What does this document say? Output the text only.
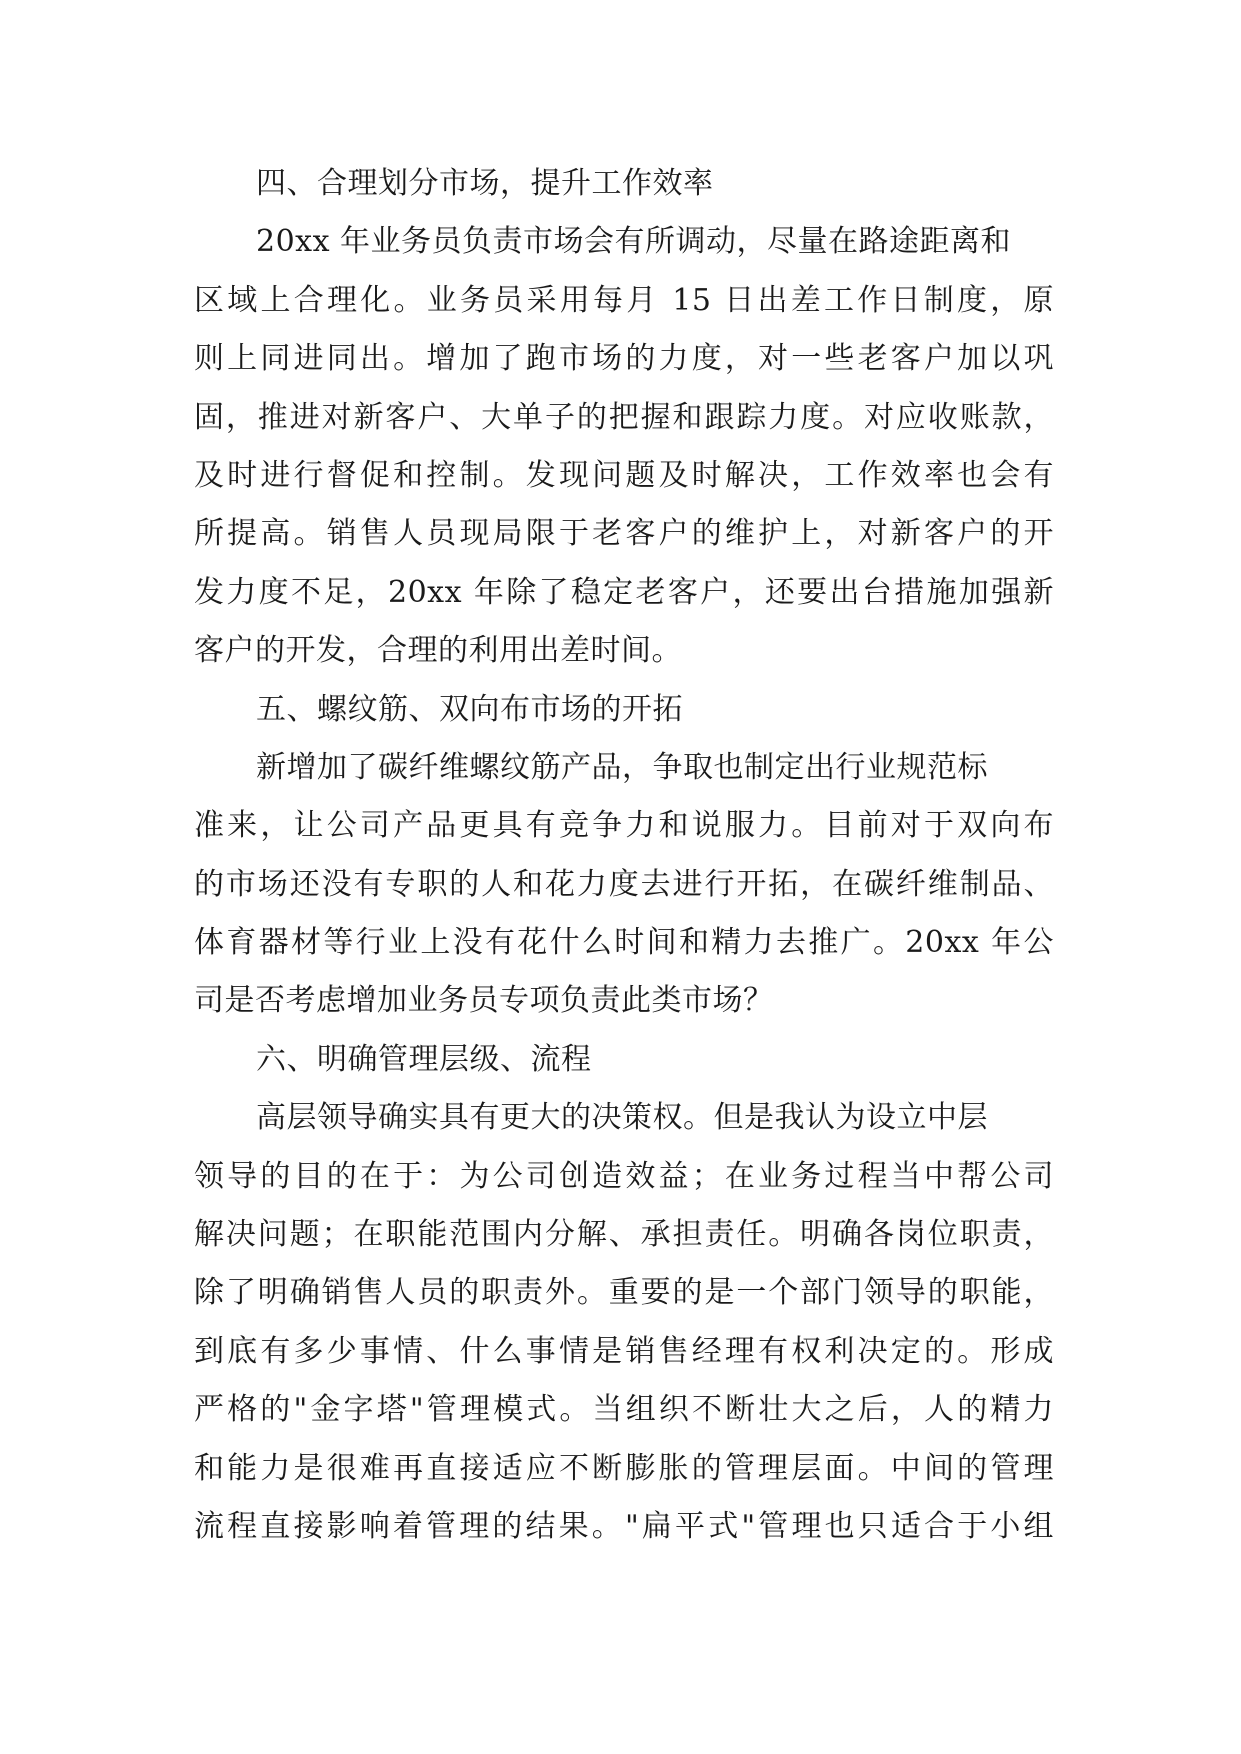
四、合理划分市场，提升工作效率
20xx 年业务员负责市场会有所调动，尽量在路途距离和
区域上合理化。业务员采用每月 15 日出差工作日制度，原
则上同进同出。增加了跑市场的力度，对一些老客户加以巩
固，推进对新客户、大单子的把握和跟踪力度。对应收账款，
及时进行督促和控制。发现问题及时解决，工作效率也会有
所提高。销售人员现局限于老客户的维护上，对新客户的开
发力度不足，20xx 年除了稳定老客户，还要出台措施加强新
客户的开发，合理的利用出差时间。
五、螺纹筋、双向布市场的开拓
新增加了碳纤维螺纹筋产品，争取也制定出行业规范标
准来，让公司产品更具有竞争力和说服力。目前对于双向布
的市场还没有专职的人和花力度去进行开拓，在碳纤维制品、
体育器材等行业上没有花什么时间和精力去推广。20xx 年公
司是否考虑增加业务员专项负责此类市场？
六、明确管理层级、流程
高层领导确实具有更大的决策权。但是我认为设立中层
领导的目的在于：为公司创造效益；在业务过程当中帮公司
解决问题；在职能范围内分解、承担责任。明确各岗位职责，
除了明确销售人员的职责外。重要的是一个部门领导的职能，
到底有多少事情、什么事情是销售经理有权利决定的。形成
严格的"金字塔"管理模式。当组织不断壮大之后，人的精力
和能力是很难再直接适应不断膨胀的管理层面。中间的管理
流程直接影响着管理的结果。"扁平式"管理也只适合于小组
